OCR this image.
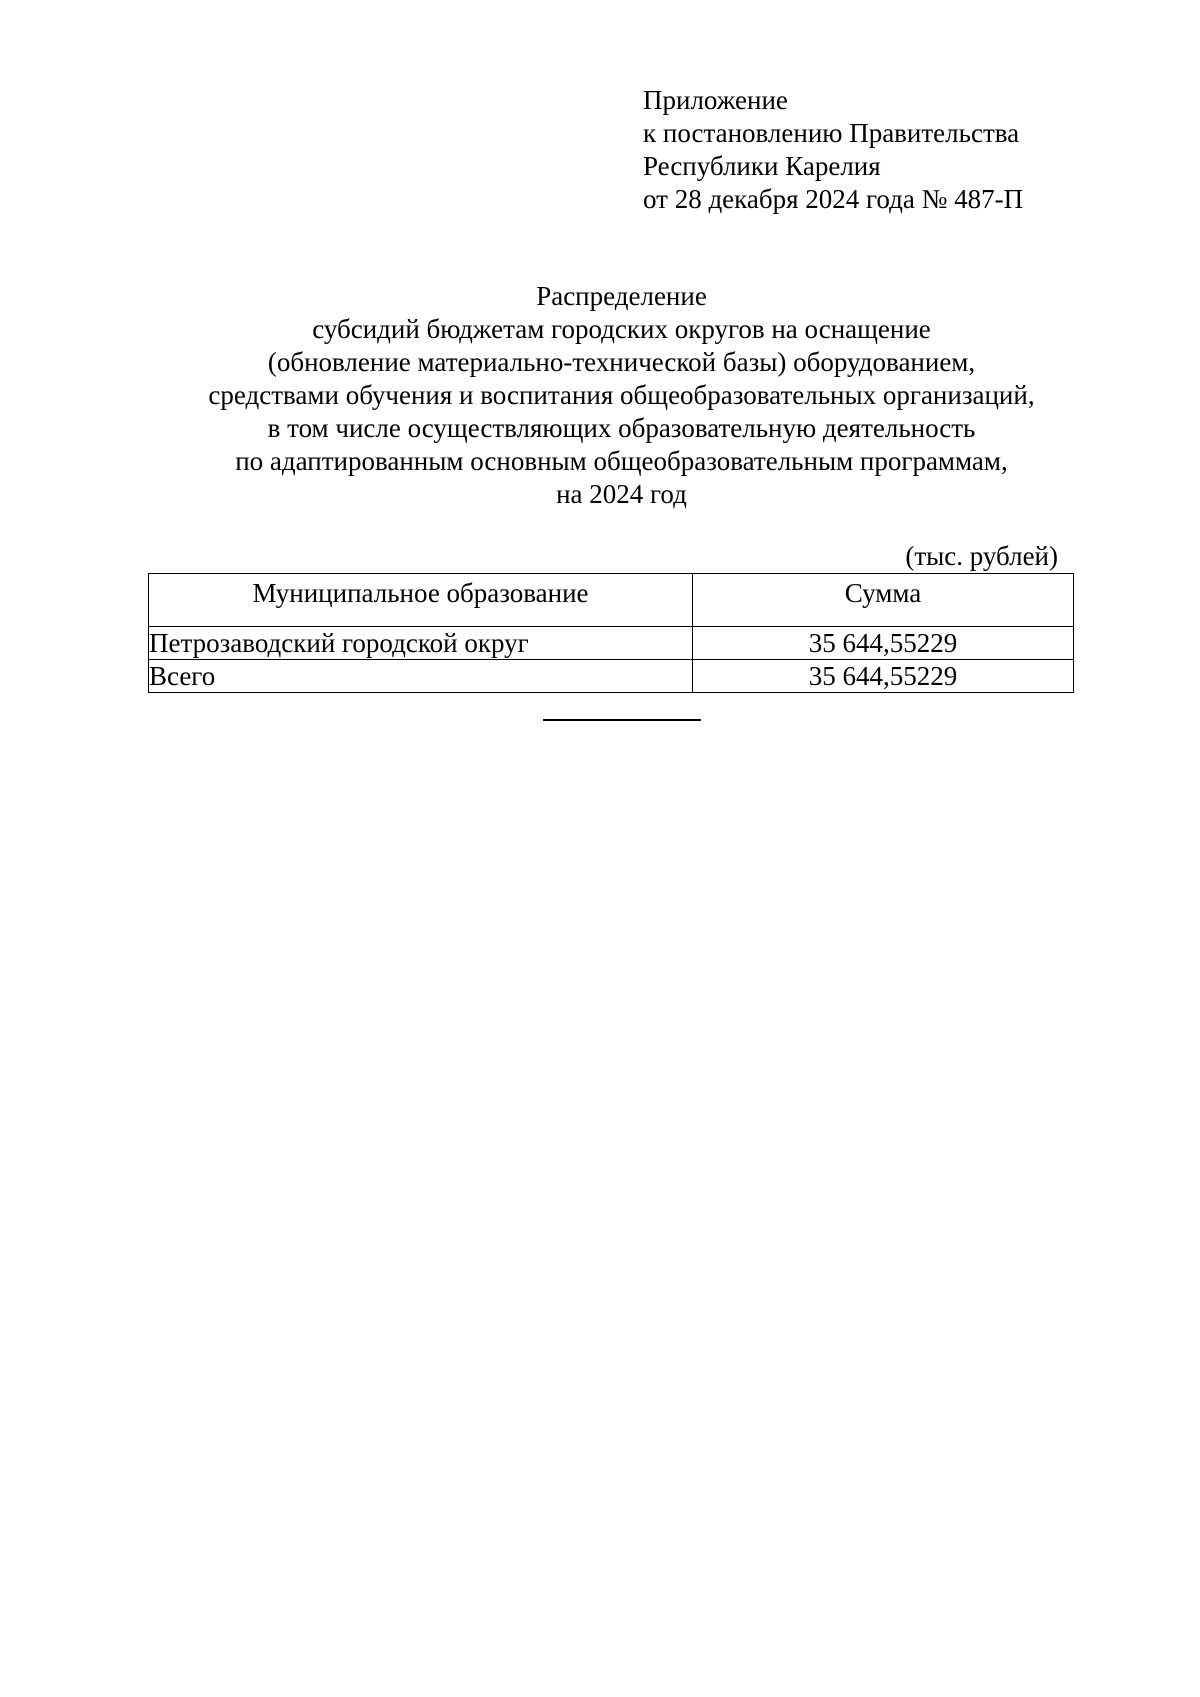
Приложение
к постановлению Правительства
Республики Карелия
от 28 декабря 2024 года № 487-П
Распределение
субсидий бюджетам городских округов на оснащение
(обновление материально-технической базы) оборудованием,
средствами обучения и воспитания общеобразовательных организаций,
в том числе осуществляющих образовательную деятельность
по адаптированным основным общеобразовательным программам,
на 2024 год
(тыс. рублей)
Муниципальное образование	Сумма
Петрозаводский городской округ	35 644,55229
Всего	35 644,55229
